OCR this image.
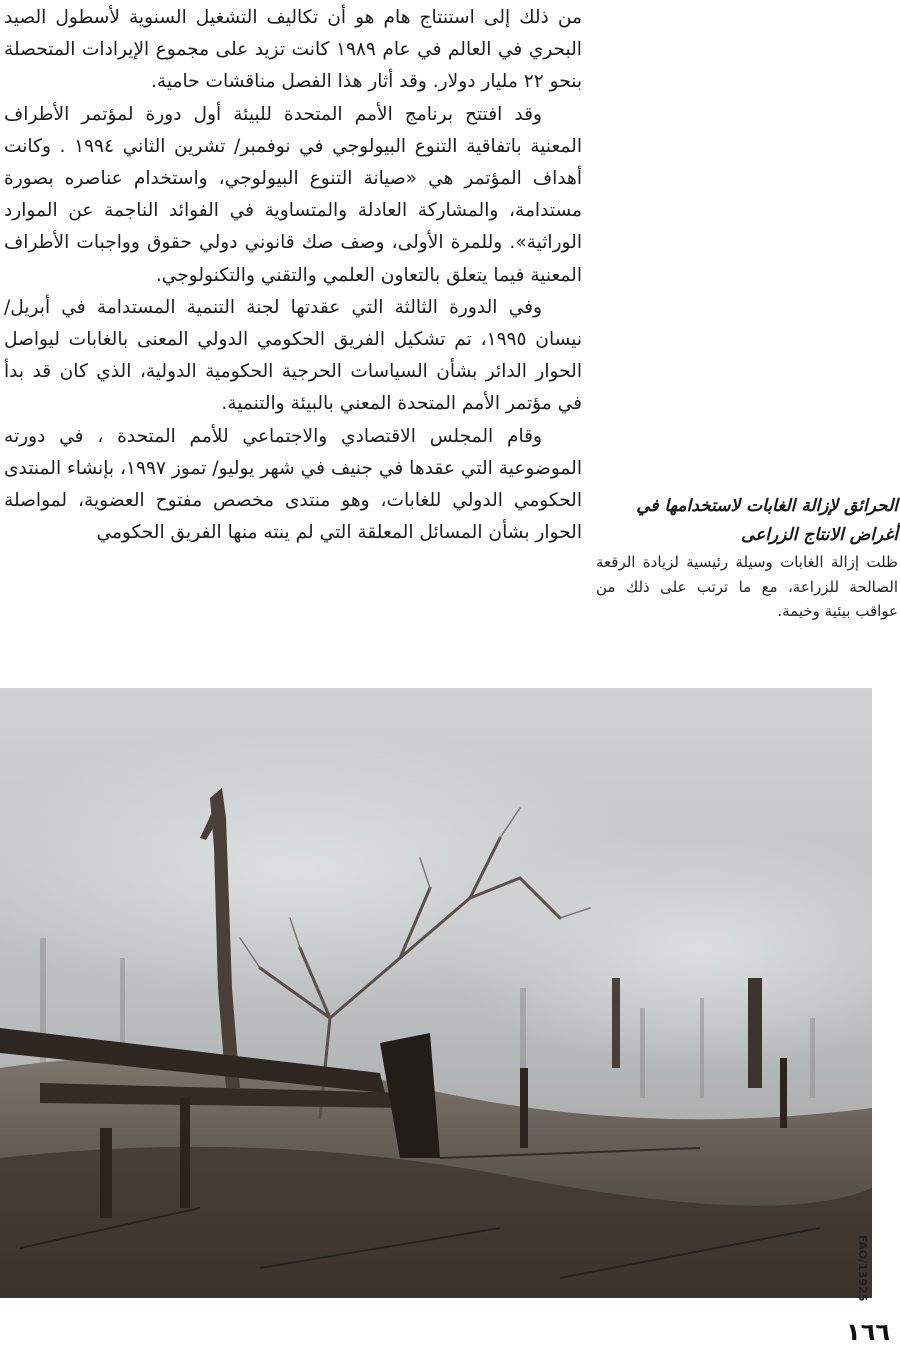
من ذلك إلى استنتاج هام هو أن تكاليف التشغيل السنوية لأسطول الصيد البحري في العالم في عام ١٩٨٩ كانت تزيد على مجموع الإيرادات المتحصلة بنحو ٢٢ مليار دولار. وقد أثار هذا الفصل مناقشات حامية.

وقد افتتح برنامج الأمم المتحدة للبيئة أول دورة لمؤتمر الأطراف المعنية باتفاقية التنوع البيولوجي في نوفمبر/ تشرين الثاني ١٩٩٤ . وكانت أهداف المؤتمر هي «صيانة التنوع البيولوجي، واستخدام عناصره بصورة مستدامة، والمشاركة العادلة والمتساوية في الفوائد الناجمة عن الموارد الوراثية». وللمرة الأولى، وصف صك قانوني دولي حقوق وواجبات الأطراف المعنية فيما يتعلق بالتعاون العلمي والتقني والتكنولوجي.

وفي الدورة الثالثة التي عقدتها لجنة التنمية المستدامة في أبريل/ نيسان ١٩٩٥، تم تشكيل الفريق الحكومي الدولي المعنى بالغابات ليواصل الحوار الدائر بشأن السياسات الحرجية الحكومية الدولية، الذي كان قد بدأ في مؤتمر الأمم المتحدة المعني بالبيئة والتنمية.

وقام المجلس الاقتصادي والاجتماعي للأمم المتحدة ، في دورته الموضوعية التي عقدها في جنيف في شهر يوليو/ تموز ١٩٩٧، بإنشاء المنتدى الحكومي الدولي للغابات، وهو منتدى مخصص مفتوح العضوية، لمواصلة الحوار بشأن المسائل المعلقة التي لم ينته منها الفريق الحكومي

الحرائق لإزالة الغابات لاستخدامها في أغراض الانتاج الزراعى

ظلت إزالة الغابات وسيلة رئيسية لزيادة الرقعة الصالحة للزراعة، مع ما ترتب على ذلك من عواقب بيئية وخيمة.

FAO/13925
١٦٦
